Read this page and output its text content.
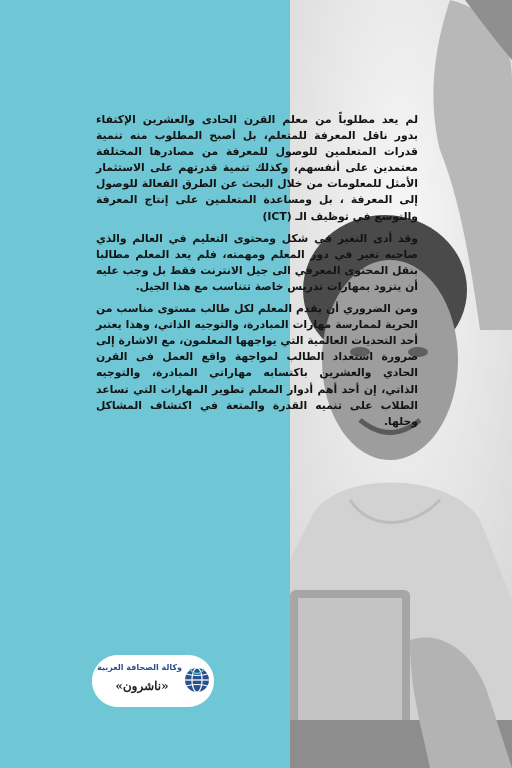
لم يعد مطلوباً من معلم القرن الحادى والعشرين الإكتفاء بدور ناقل المعرفة للمتعلم، بل أصبح المطلوب منه تنمية قدرات المتعلمين للوصول للمعرفة من مصادرها المختلفة معتمدين على أنفسهم، وكذلك تنمية قدرتهم على الاستثمار الأمثل للمعلومات من خلال البحث عن الطرق الفعالة للوصول إلى المعرفة ، بل ومساعدة المتعلمين على إنتاج المعرفة والتوسع في توظيف الـ (ICT)

وقد أدى التغير في شكل ومحتوى التعليم في العالم والذي صاحبه تغير في دور المعلم ومهمته، فلم يعد المعلم مطالبا بنقل المحتوى المعرفي الى جيل الانترنت فقط بل وجب عليه أن يتزود بمهارات تدريس خاصة تتناسب مع هذا الجيل.

ومن الضروري أن يقدم المعلم لكل طالب مستوى مناسب من الحرية لممارسة مهارات المبادرة، والتوجيه الذاتي، وهذا يعتبر أحد التحديات العالمية التي يواجهها المعلمون، مع الاشارة إلى ضرورة استعداد الطالب لمواجهة واقع العمل فى القرن الحادي والعشرين باكتسابه مهاراتي المبادرة، والتوجيه الذاتي، إن أحد أهم أدوار المعلم تطوير المهارات التي تساعد الطلاب على تنميه القدرة والمتعة في اكتشاف المشاكل وحلها.

وكالة الصحافة العربية
«ناشرون»
